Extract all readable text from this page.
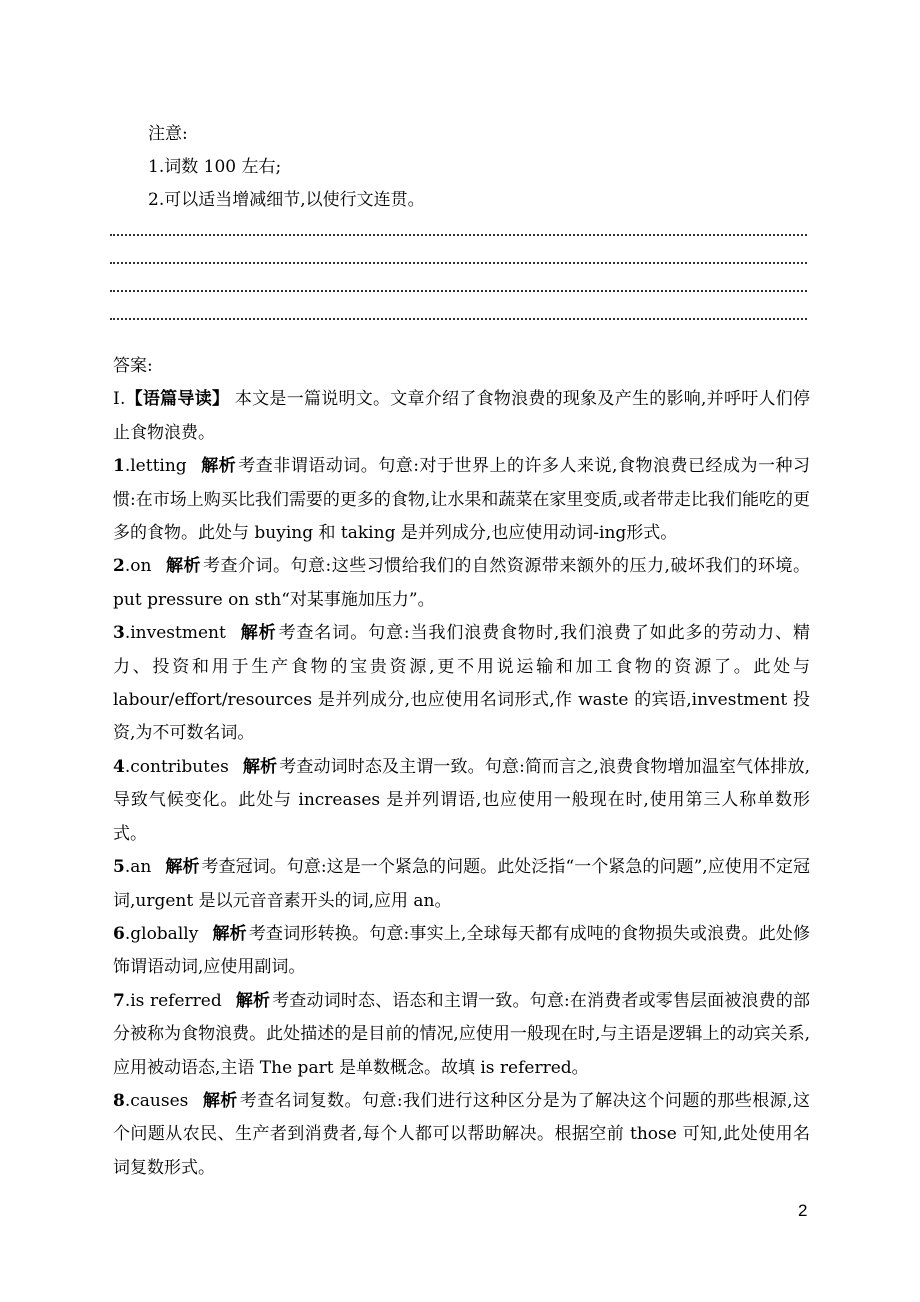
注意:
1.词数 100 左右;
2.可以适当增减细节,以使行文连贯。

答案:

Ⅰ.【语篇导读】 本文是一篇说明文。文章介绍了食物浪费的现象及产生的影响,并呼吁人们停止食物浪费。

1.letting 解析 考查非谓语动词。句意:对于世界上的许多人来说,食物浪费已经成为一种习惯:在市场上购买比我们需要的更多的食物,让水果和蔬菜在家里变质,或者带走比我们能吃的更多的食物。此处与 buying 和 taking 是并列成分,也应使用动词-ing形式。

2.on 解析 考查介词。句意:这些习惯给我们的自然资源带来额外的压力,破坏我们的环境。put pressure on sth“对某事施加压力”。

3.investment 解析 考查名词。句意:当我们浪费食物时,我们浪费了如此多的劳动力、精力、投资和用于生产食物的宝贵资源,更不用说运输和加工食物的资源了。此处与 labour/effort/resources 是并列成分,也应使用名词形式,作 waste 的宾语,investment 投资,为不可数名词。

4.contributes 解析 考查动词时态及主谓一致。句意:简而言之,浪费食物增加温室气体排放,导致气候变化。此处与 increases 是并列谓语,也应使用一般现在时,使用第三人称单数形式。

5.an 解析 考查冠词。句意:这是一个紧急的问题。此处泛指“一个紧急的问题”,应使用不定冠词,urgent 是以元音音素开头的词,应用 an。

6.globally 解析 考查词形转换。句意:事实上,全球每天都有成吨的食物损失或浪费。此处修饰谓语动词,应使用副词。

7.is referred 解析 考查动词时态、语态和主谓一致。句意:在消费者或零售层面被浪费的部分被称为食物浪费。此处描述的是目前的情况,应使用一般现在时,与主语是逻辑上的动宾关系,应用被动语态,主语 The part 是单数概念。故填 is referred。

8.causes 解析 考查名词复数。句意:我们进行这种区分是为了解决这个问题的那些根源,这个问题从农民、生产者到消费者,每个人都可以帮助解决。根据空前 those 可知,此处使用名词复数形式。

2
